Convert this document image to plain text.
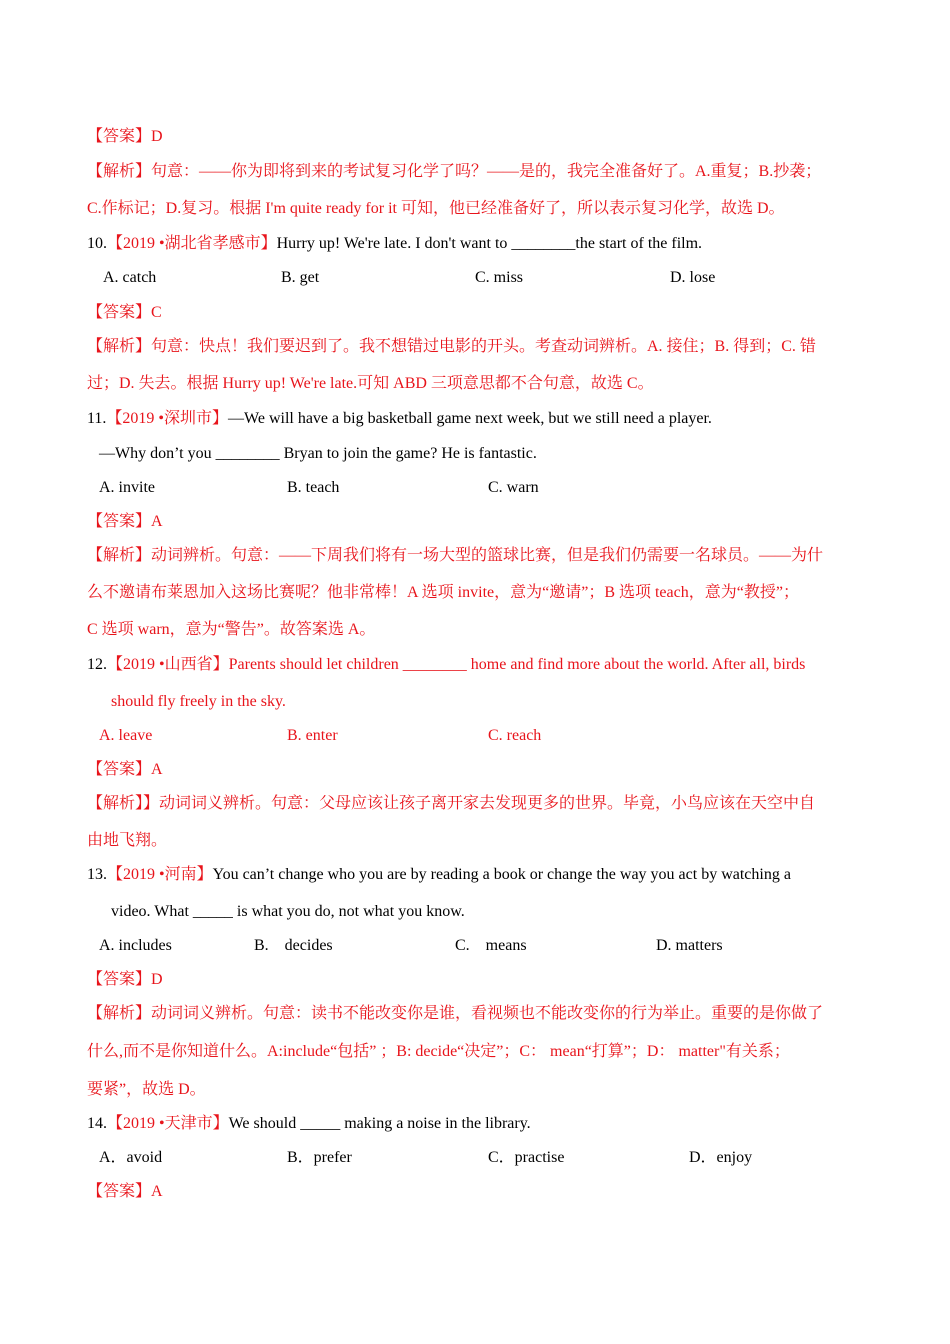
【答案】D
【解析】句意：——你为即将到来的考试复习化学了吗？——是的，我完全准备好了。A.重复；B.抄袭；
C.作标记；D.复习。根据 I'm quite ready for it 可知，他已经准备好了，所以表示复习化学，故选 D。
10.【2019 •湖北省孝感市】Hurry up! We're late. I don't want to ________the start of the film.
A. catch	B. get	C. miss	D. lose
【答案】C
【解析】句意：快点！我们要迟到了。我不想错过电影的开头。考查动词辨析。A. 接住；B. 得到；C. 错
过；D. 失去。根据 Hurry up! We're late.可知 ABD 三项意思都不合句意，故选 C。
11.【2019 •深圳市】—We will have a big basketball game next week, but we still need a player.
—Why don’t you ________ Bryan to join the game? He is fantastic.
A. invite	B. teach	C. warn
【答案】A
【解析】动词辨析。句意：——下周我们将有一场大型的篮球比赛，但是我们仍需要一名球员。——为什
么不邀请布莱恩加入这场比赛呢？他非常棒！A 选项 invite，意为“邀请”；B 选项 teach，意为“教授”；
C 选项 warn，意为“警告”。故答案选 A。
12.【2019 •山西省】Parents should let children ________ home and find more about the world. After all, birds
should fly freely in the sky.
A. leave	B. enter	C. reach
【答案】A
【解析】】动词词义辨析。句意：父母应该让孩子离开家去发现更多的世界。毕竟，小鸟应该在天空中自
由地飞翔。
13.【2019 •河南】You can’t change who you are by reading a book or change the way you act by watching a
video. What _____ is what you do, not what you know.
A. includes	B.    decides	C.    means	D. matters
【答案】D
【解析】动词词义辨析。句意：读书不能改变你是谁，看视频也不能改变你的行为举止。重要的是你做了
什么,而不是你知道什么。A:include“包括” ；B: decide“决定”；C： mean“打算”；D： matter"有关系；
要紧”，故选 D。
14.【2019 •天津市】We should _____ making a noise in the library.
A．avoid	B．prefer	C．practise	D．enjoy
【答案】A
